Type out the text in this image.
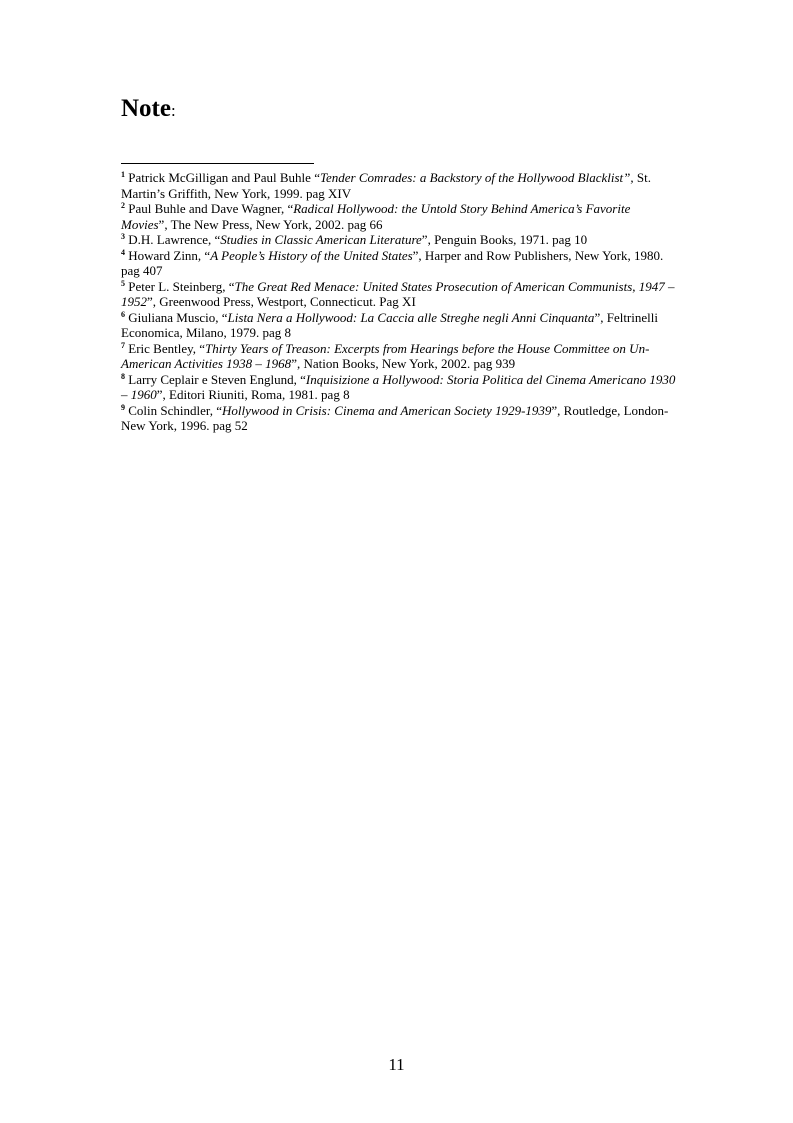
Note:

$^1$ Patrick McGilligan and Paul Buhle “Tender Comrades: a Backstory of the Hollywood Blacklist”, St. Martin’s Griffith, New York, 1999. pag XIV

$^2$ Paul Buhle and Dave Wagner, “Radical Hollywood: the Untold Story Behind America’s Favorite Movies”, The New Press, New York, 2002. pag 66

$^3$ D.H. Lawrence, “Studies in Classic American Literature”, Penguin Books, 1971. pag 10

$^4$ Howard Zinn, “A People’s History of the United States”, Harper and Row Publishers, New York, 1980. pag 407

$^5$ Peter L. Steinberg, “The Great Red Menace: United States Prosecution of American Communists, 1947 – 1952”, Greenwood Press, Westport, Connecticut. Pag XI

$^6$ Giuliana Muscio, “Lista Nera a Hollywood: La Caccia alle Streghe negli Anni Cinquanta”, Feltrinelli Economica, Milano, 1979. pag 8

$^7$ Eric Bentley, “Thirty Years of Treason: Excerpts from Hearings before the House Committee on Un-American Activities 1938 – 1968”, Nation Books, New York, 2002. pag 939

$^8$ Larry Ceplair e Steven Englund, “Inquisizione a Hollywood: Storia Politica del Cinema Americano 1930 – 1960”, Editori Riuniti, Roma, 1981. pag 8

$^9$ Colin Schindler, “Hollywood in Crisis: Cinema and American Society 1929-1939”, Routledge, London-New York, 1996. pag 52

11
